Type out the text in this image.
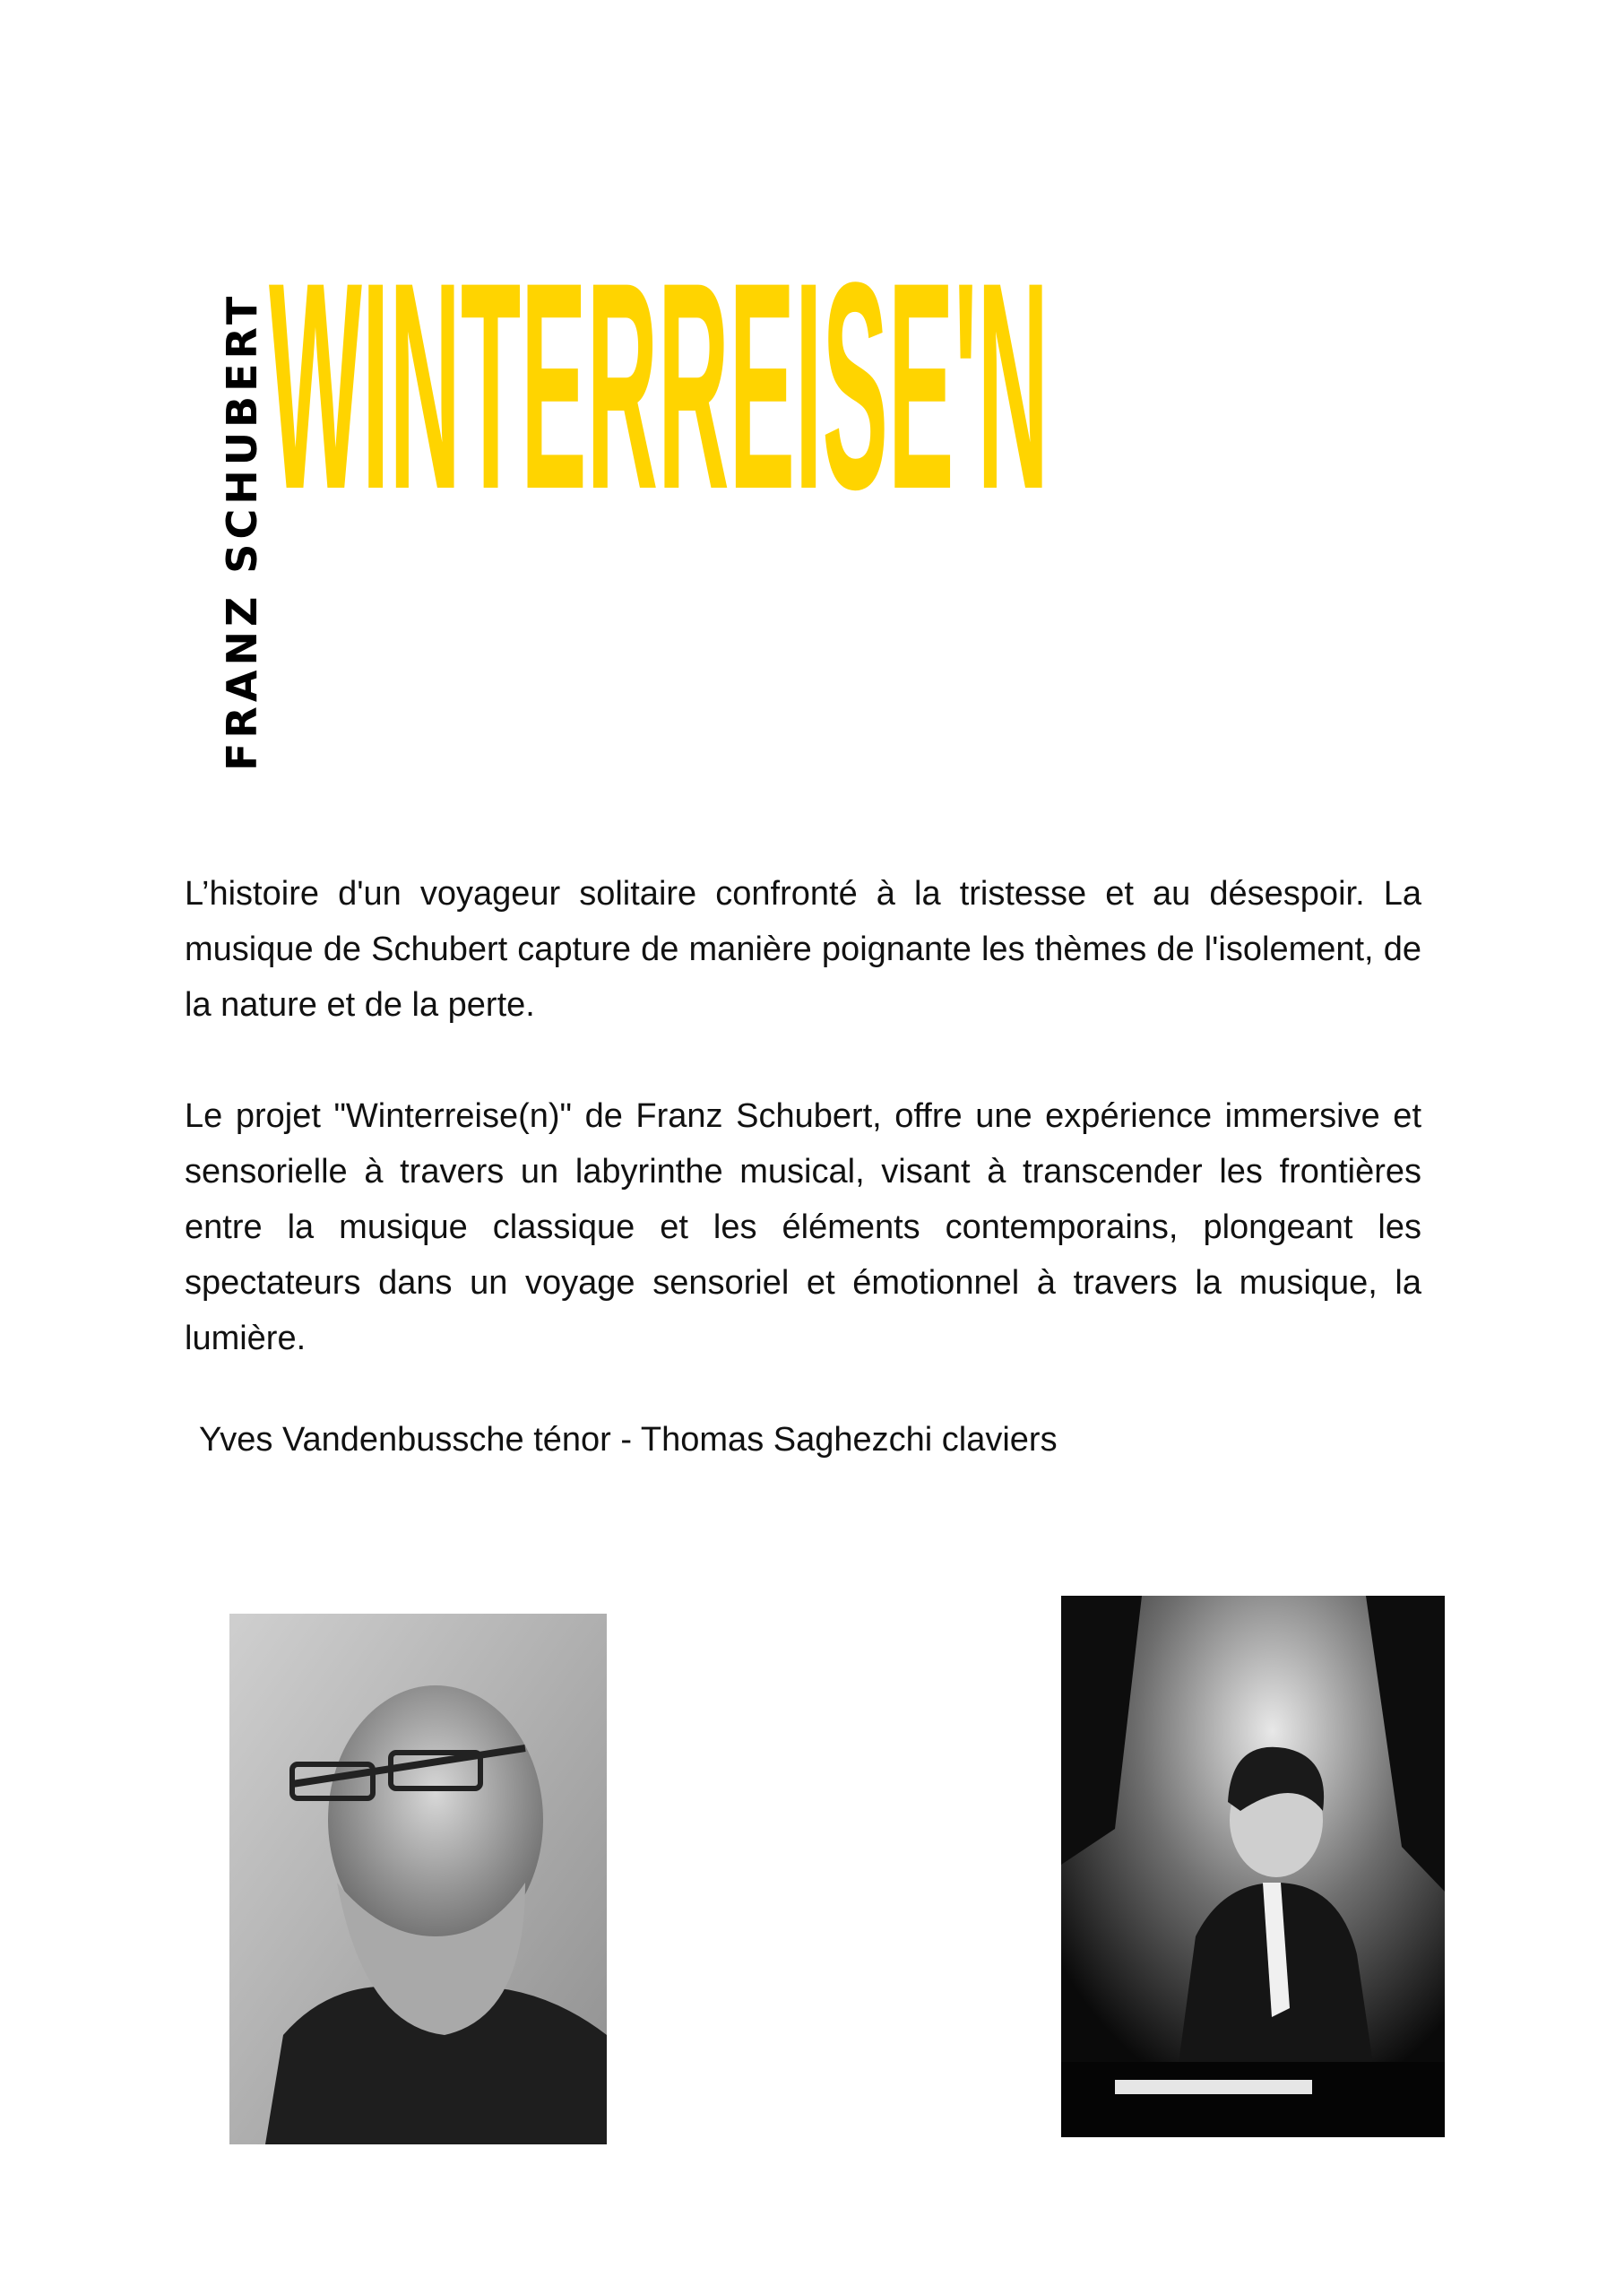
FRANZ SCHUBERT WINTERREISE'N

L’histoire d'un voyageur solitaire confronté à la tristesse et au désespoir. La musique de Schubert capture de manière poignante les thèmes de l'isolement, de la nature et de la perte.

Le projet "Winterreise(n)" de Franz Schubert, offre une expérience immersive et sensorielle à travers un labyrinthe musical, visant à transcender les frontières entre la musique classique et les éléments contemporains, plongeant les spectateurs dans un voyage sensoriel et émotionnel à travers la musique, la lumière.

Yves Vandenbussche ténor - Thomas Saghezchi claviers
